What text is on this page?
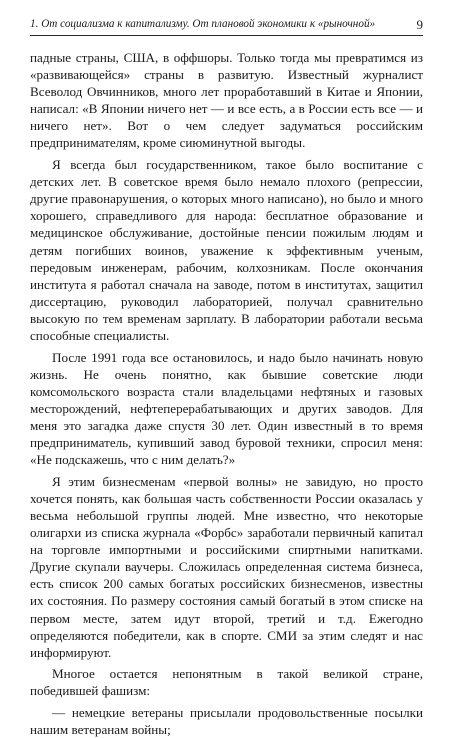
1. От социализма к капитализму. От плановой экономики к «рыночной»	9

падные страны, США, в оффшоры. Только тогда мы превратимся из «развивающейся» страны в развитую. Известный журналист Всеволод Овчинников, много лет проработавший в Китае и Японии, написал: «В Японии ничего нет — и все есть, а в России есть все — и ничего нет». Вот о чем следует задуматься российским предпринимателям, кроме сиюминутной выгоды.

Я всегда был государственником, такое было воспитание с детских лет. В советское время было немало плохого (репрессии, другие правонарушения, о которых много написано), но было и много хорошего, справедливого для народа: бесплатное образование и медицинское обслуживание, достойные пенсии пожилым людям и детям погибших воинов, уважение к эффективным ученым, передовым инженерам, рабочим, колхозникам. После окончания института я работал сначала на заводе, потом в институтах, защитил диссертацию, руководил лабораторией, получал сравнительно высокую по тем временам зарплату. В лаборатории работали весьма способные специалисты.

После 1991 года все остановилось, и надо было начинать новую жизнь. Не очень понятно, как бывшие советские люди комсомольского возраста стали владельцами нефтяных и газовых месторождений, нефтеперерабатывающих и других заводов. Для меня это загадка даже спустя 30 лет. Один известный в то время предприниматель, купивший завод буровой техники, спросил меня: «Не подскажешь, что с ним делать?»

Я этим бизнесменам «первой волны» не завидую, но просто хочется понять, как большая часть собственности России оказалась у весьма небольшой группы людей. Мне известно, что некоторые олигархи из списка журнала «Форбс» заработали первичный капитал на торговле импортными и российскими спиртными напитками. Другие скупали ваучеры. Сложилась определенная система бизнеса, есть список 200 самых богатых российских бизнесменов, известны их состояния. По размеру состояния самый богатый в этом списке на первом месте, затем идут второй, третий и т.д. Ежегодно определяются победители, как в спорте. СМИ за этим следят и нас информируют.

Многое остается непонятным в такой великой стране, победившей фашизм:

— немецкие ветераны присылали продовольственные посылки нашим ветеранам войны;
